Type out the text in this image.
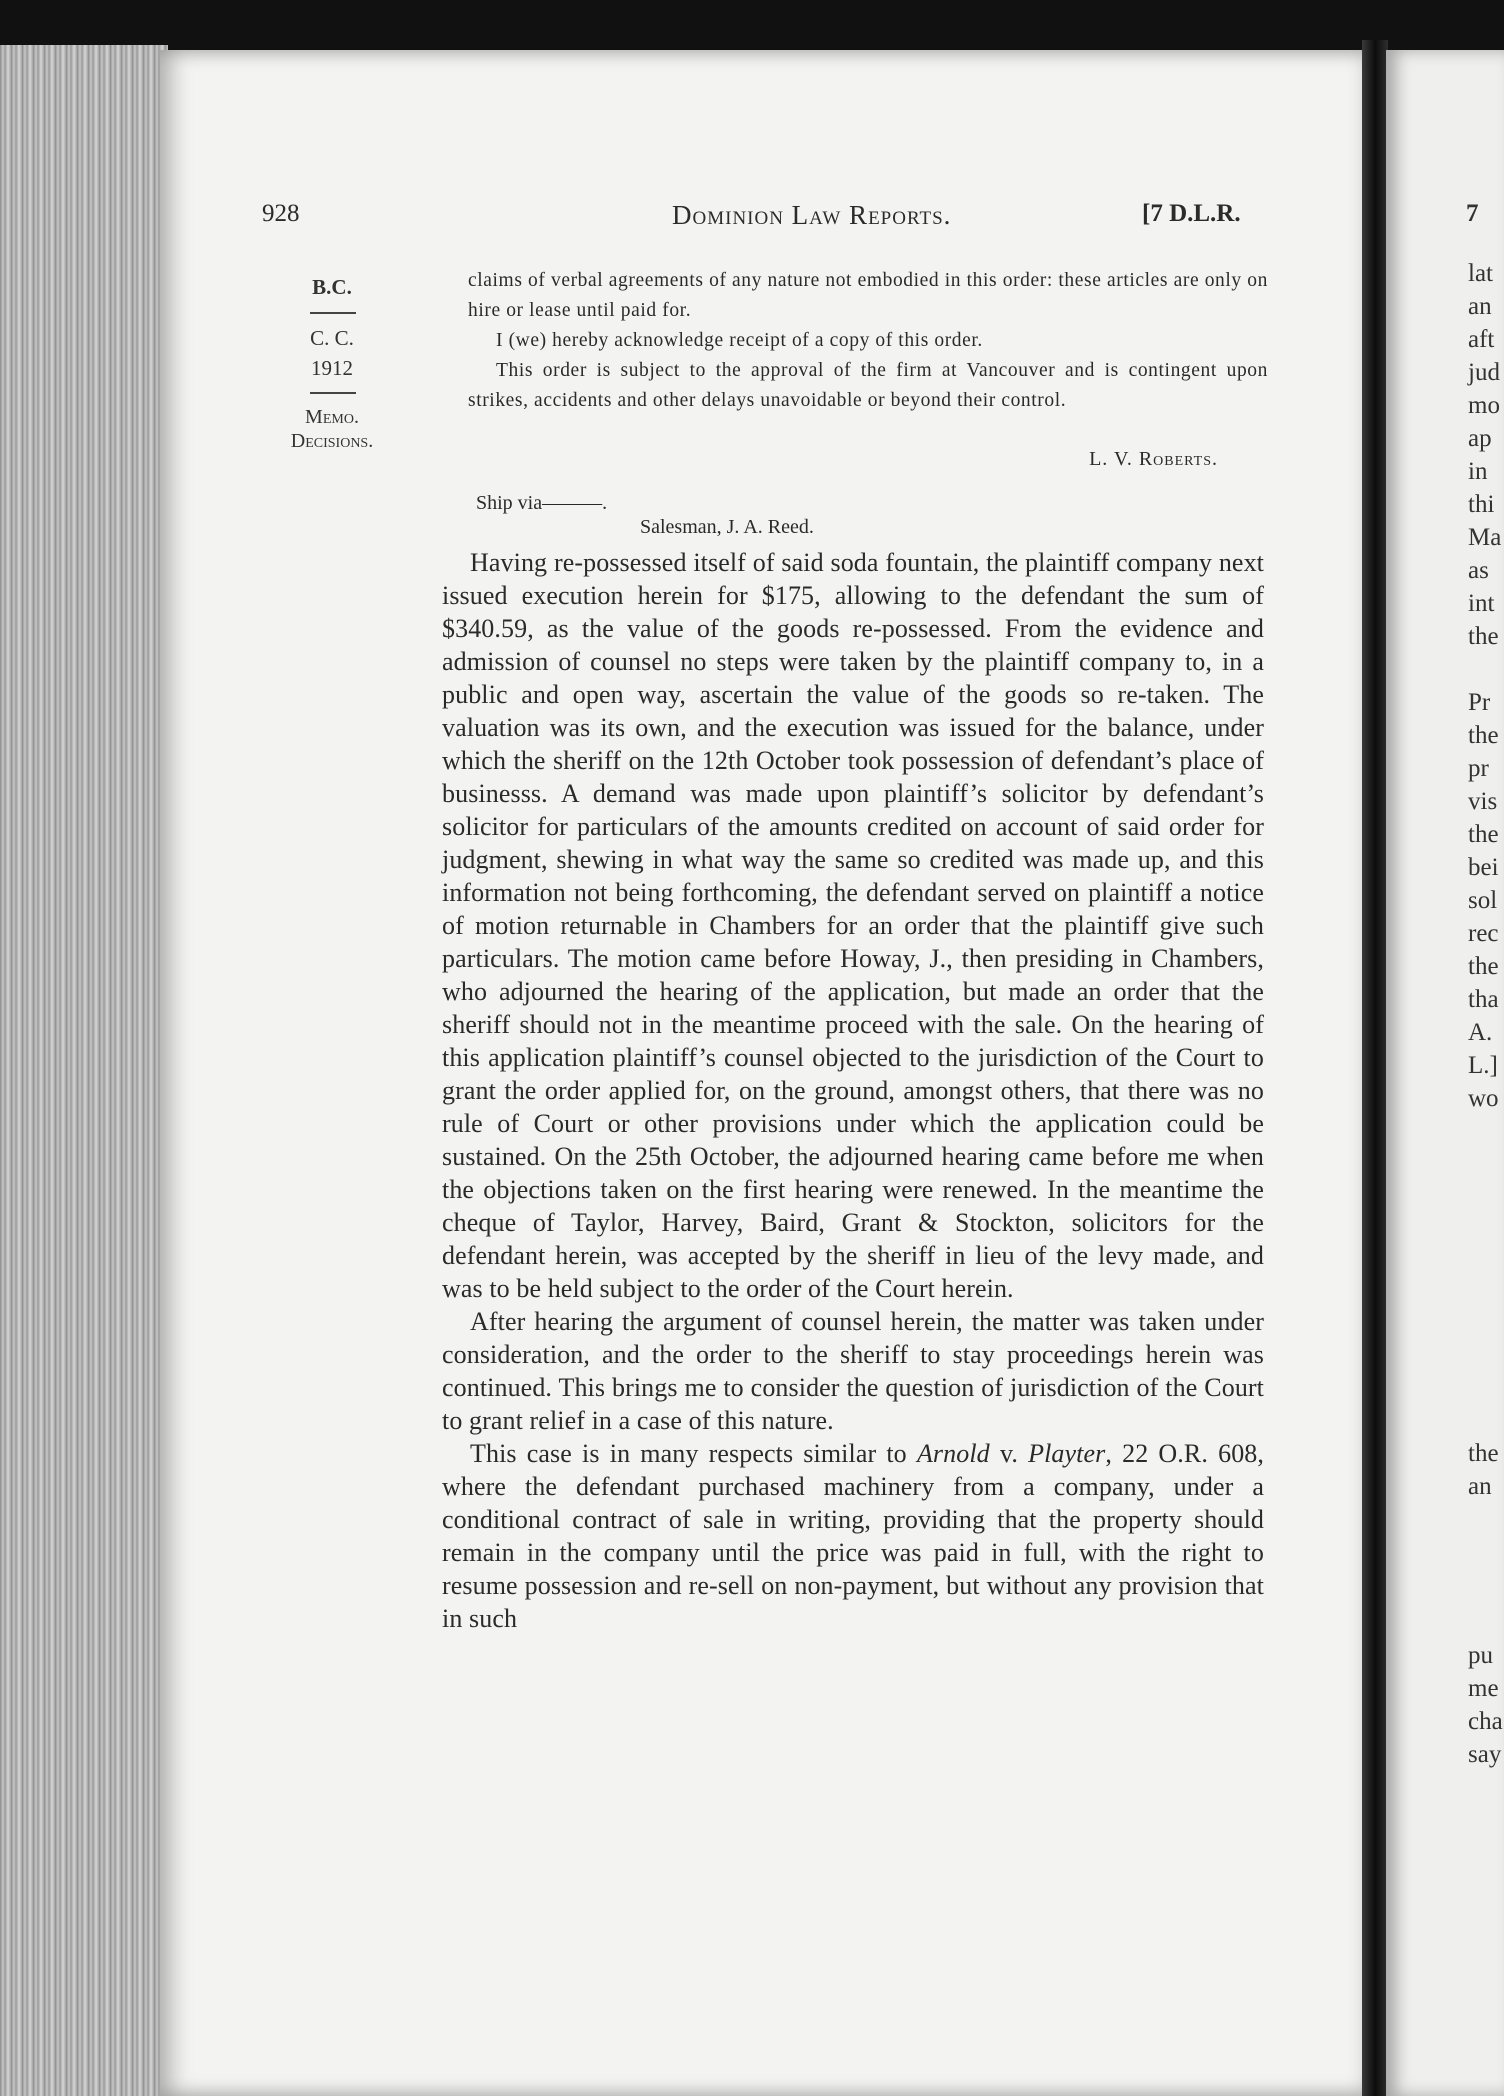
7
lat
an
aft
jud
mo
ap
in
thi
Ma
as
int
the
Pr
the
pr
vis
the
bei
sol
rec
the
tha
A.
L.]
wo
the
an
pu
me
cha
say
928	Dominion Law Reports.	[7 D.L.R.
B.C.
C. C.
1912
Memo.
Decisions.

claims of verbal agreements of any nature not embodied in this order: these articles are only on hire or lease until paid for.

I (we) hereby acknowledge receipt of a copy of this order.

This order is subject to the approval of the firm at Vancouver and is contingent upon strikes, accidents and other delays unavoidable or beyond their control.

L. V. Roberts.
Ship via———.
Salesman, J. A. Reed.

Having re-possessed itself of said soda fountain, the plaintiff company next issued execution herein for $175, allowing to the defendant the sum of $340.59, as the value of the goods re-possessed. From the evidence and admission of counsel no steps were taken by the plaintiff company to, in a public and open way, ascertain the value of the goods so re-taken. The valuation was its own, and the execution was issued for the balance, under which the sheriff on the 12th October took possession of defendant’s place of businesss. A demand was made upon plaintiff’s solicitor by defendant’s solicitor for particulars of the amounts credited on account of said order for judgment, shewing in what way the same so credited was made up, and this information not being forthcoming, the defendant served on plaintiff a notice of motion returnable in Chambers for an order that the plaintiff give such particulars. The motion came before Howay, J., then presiding in Chambers, who adjourned the hearing of the application, but made an order that the sheriff should not in the meantime proceed with the sale. On the hearing of this application plaintiff’s counsel objected to the jurisdiction of the Court to grant the order applied for, on the ground, amongst others, that there was no rule of Court or other provisions under which the application could be sustained. On the 25th October, the adjourned hearing came before me when the objections taken on the first hearing were renewed. In the meantime the cheque of Taylor, Harvey, Baird, Grant & Stockton, solicitors for the defendant herein, was accepted by the sheriff in lieu of the levy made, and was to be held subject to the order of the Court herein.

After hearing the argument of counsel herein, the matter was taken under consideration, and the order to the sheriff to stay proceedings herein was continued. This brings me to consider the question of jurisdiction of the Court to grant relief in a case of this nature.

This case is in many respects similar to Arnold v. Playter, 22 O.R. 608, where the defendant purchased machinery from a company, under a conditional contract of sale in writing, providing that the property should remain in the company until the price was paid in full, with the right to resume possession and re-sell on non-payment, but without any provision that in such
